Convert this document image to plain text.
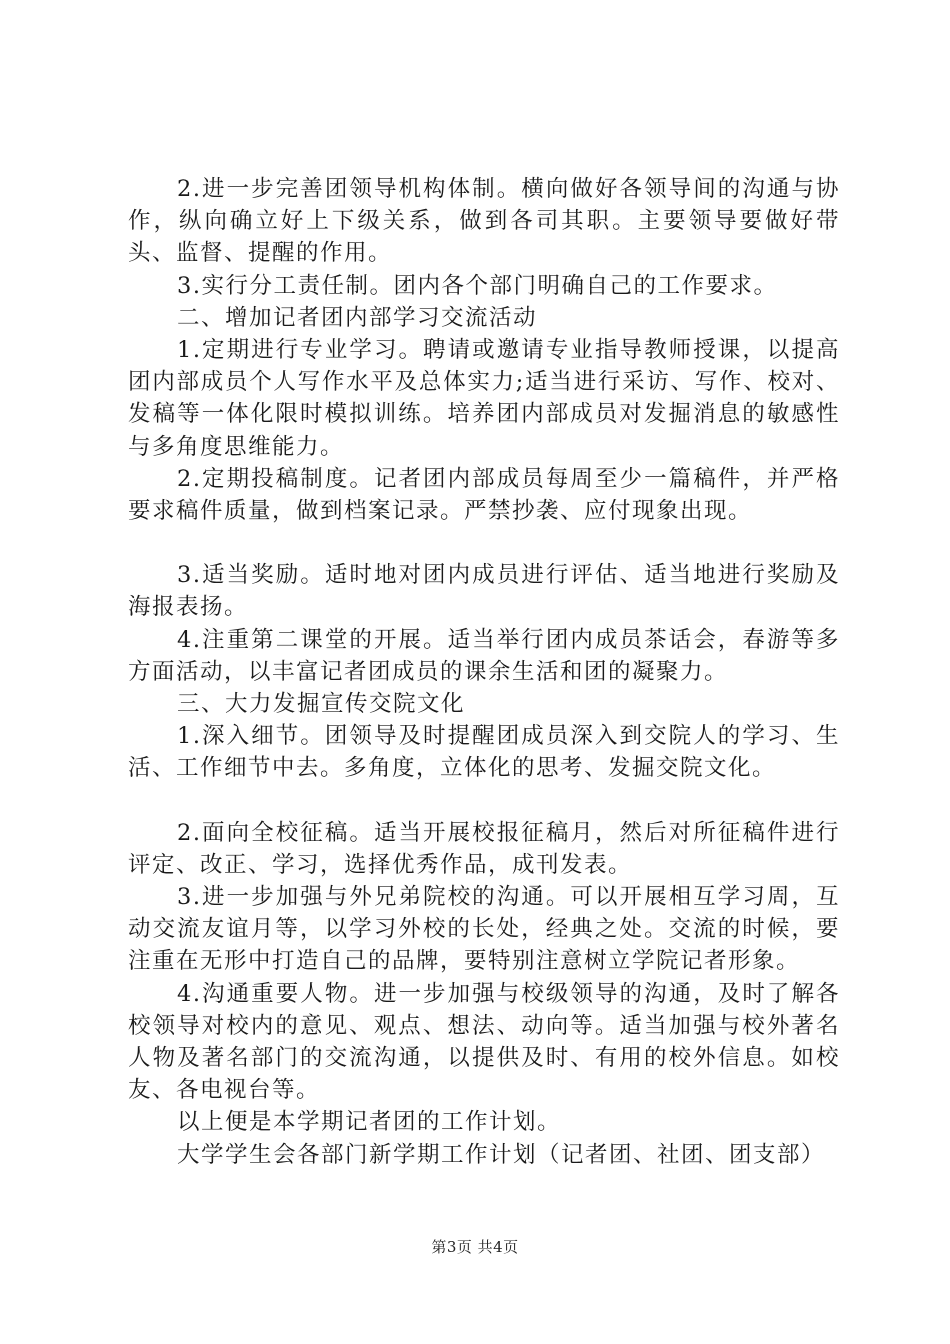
2.进一步完善团领导机构体制。横向做好各领导间的沟通与协作，纵向确立好上下级关系，做到各司其职。主要领导要做好带头、监督、提醒的作用。

3.实行分工责任制。团内各个部门明确自己的工作要求。

二、增加记者团内部学习交流活动

1.定期进行专业学习。聘请或邀请专业指导教师授课，以提高团内部成员个人写作水平及总体实力;适当进行采访、写作、校对、发稿等一体化限时模拟训练。培养团内部成员对发掘消息的敏感性与多角度思维能力。

2.定期投稿制度。记者团内部成员每周至少一篇稿件，并严格要求稿件质量，做到档案记录。严禁抄袭、应付现象出现。

3.适当奖励。适时地对团内成员进行评估、适当地进行奖励及海报表扬。

4.注重第二课堂的开展。适当举行团内成员茶话会，春游等多方面活动，以丰富记者团成员的课余生活和团的凝聚力。

三、大力发掘宣传交院文化

1.深入细节。团领导及时提醒团成员深入到交院人的学习、生活、工作细节中去。多角度，立体化的思考、发掘交院文化。

2.面向全校征稿。适当开展校报征稿月，然后对所征稿件进行评定、改正、学习，选择优秀作品，成刊发表。

3.进一步加强与外兄弟院校的沟通。可以开展相互学习周，互动交流友谊月等，以学习外校的长处，经典之处。交流的时候，要注重在无形中打造自己的品牌，要特别注意树立学院记者形象。

4.沟通重要人物。进一步加强与校级领导的沟通，及时了解各校领导对校内的意见、观点、想法、动向等。适当加强与校外著名人物及著名部门的交流沟通，以提供及时、有用的校外信息。如校友、各电视台等。

以上便是本学期记者团的工作计划。

大学学生会各部门新学期工作计划（记者团、社团、团支部）

第3页 共4页
